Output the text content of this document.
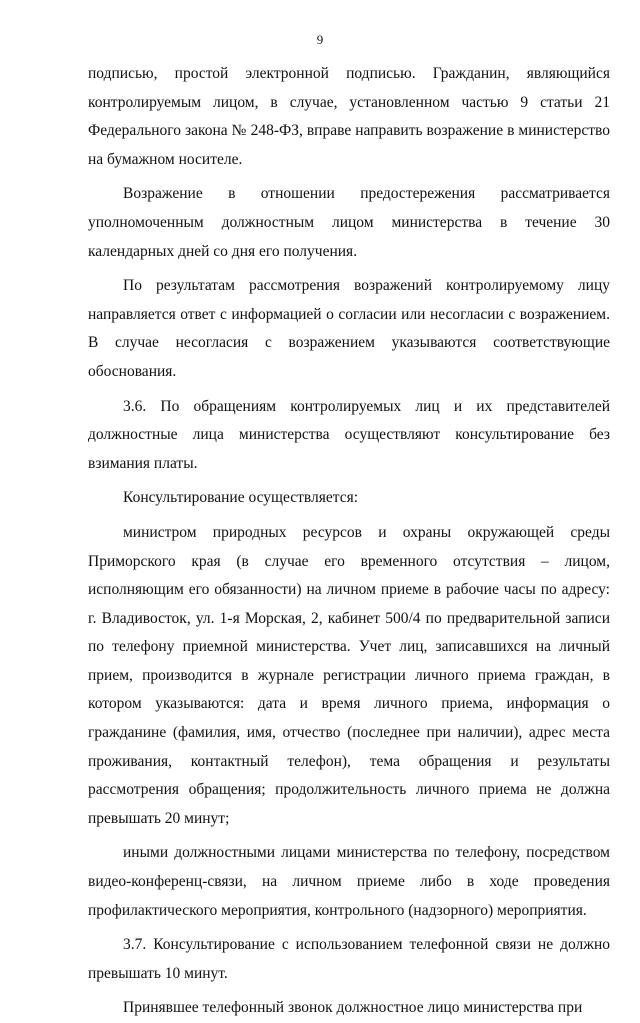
9

подписью, простой электронной подписью. Гражданин, являющийся контролируемым лицом, в случае, установленном частью 9 статьи 21 Федерального закона № 248-ФЗ, вправе направить возражение в министерство на бумажном носителе.

Возражение в отношении предостережения рассматривается уполномоченным должностным лицом министерства в течение 30 календарных дней со дня его получения.

По результатам рассмотрения возражений контролируемому лицу направляется ответ с информацией о согласии или несогласии с возражением. В случае несогласия с возражением указываются соответствующие обоснования.

3.6. По обращениям контролируемых лиц и их представителей должностные лица министерства осуществляют консультирование без взимания платы.

Консультирование осуществляется:

министром природных ресурсов и охраны окружающей среды Приморского края (в случае его временного отсутствия – лицом, исполняющим его обязанности) на личном приеме в рабочие часы по адресу: г. Владивосток, ул. 1-я Морская, 2, кабинет 500/4 по предварительной записи по телефону приемной министерства. Учет лиц, записавшихся на личный прием, производится в журнале регистрации личного приема граждан, в котором указываются: дата и время личного приема, информация о гражданине (фамилия, имя, отчество (последнее при наличии), адрес места проживания, контактный телефон), тема обращения и результаты рассмотрения обращения; продолжительность личного приема не должна превышать 20 минут;

иными должностными лицами министерства по телефону, посредством видео-конференц-связи, на личном приеме либо в ходе проведения профилактического мероприятия, контрольного (надзорного) мероприятия.

3.7. Консультирование с использованием телефонной связи не должно превышать 10 минут.

Принявшее телефонный звонок должностное лицо министерства при
